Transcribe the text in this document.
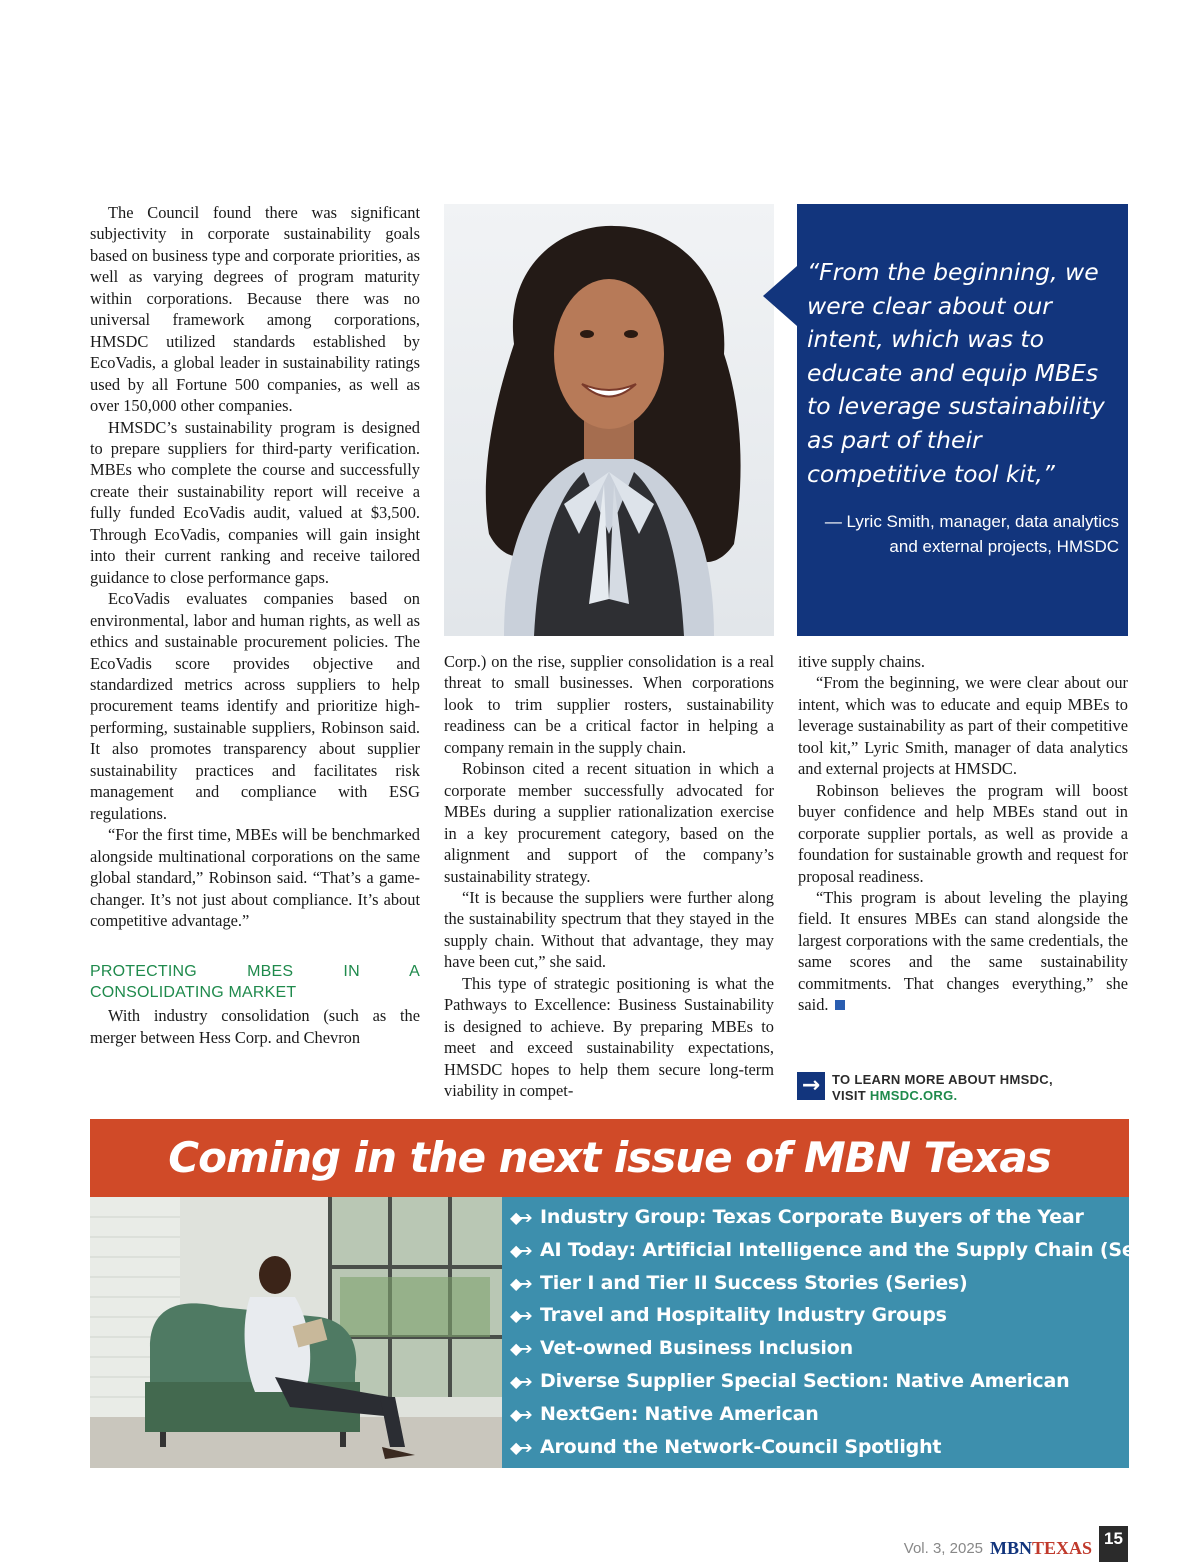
The Council found there was significant subjectivity in corporate sustainability goals based on business type and corporate priorities, as well as varying degrees of program maturity within corporations. Because there was no universal framework among corporations, HMSDC utilized standards established by EcoVadis, a global leader in sustainability ratings used by all Fortune 500 companies, as well as over 150,000 other companies.

HMSDC’s sustainability program is designed to prepare suppliers for third-party verification. MBEs who complete the course and successfully create their sustainability report will receive a fully funded EcoVadis audit, valued at $3,500. Through EcoVadis, companies will gain insight into their current ranking and receive tailored guidance to close performance gaps.

EcoVadis evaluates companies based on environmental, labor and human rights, as well as ethics and sustainable procurement policies. The EcoVadis score provides objective and standardized metrics across suppliers to help procurement teams identify and prioritize high-performing, sustainable suppliers, Robinson said. It also promotes transparency about supplier sustainability practices and facilitates risk management and compliance with ESG regulations.

“For the first time, MBEs will be benchmarked alongside multinational corporations on the same global standard,” Robinson said. “That’s a game-changer. It’s not just about compliance. It’s about competitive advantage.”

PROTECTING MBES IN A CONSOLIDATING MARKET

With industry consolidation (such as the merger between Hess Corp. and Chevron

“From the beginning, we were clear about our intent, which was to educate and equip MBEs to leverage sustainability as part of their competitive tool kit,”

— Lyric Smith, manager, data analytics and external projects, HMSDC

Corp.) on the rise, supplier consolidation is a real threat to small businesses. When corporations look to trim supplier rosters, sustainability readiness can be a critical factor in helping a company remain in the supply chain.

Robinson cited a recent situation in which a corporate member successfully advocated for MBEs during a supplier rationalization exercise in a key procurement category, based on the alignment and support of the company’s sustainability strategy.

“It is because the suppliers were further along the sustainability spectrum that they stayed in the supply chain. Without that advantage, they may have been cut,” she said.

This type of strategic positioning is what the Pathways to Excellence: Business Sustainability is designed to achieve. By preparing MBEs to meet and exceed sustainability expectations, HMSDC hopes to help them secure long-term viability in compet-

itive supply chains.

“From the beginning, we were clear about our intent, which was to educate and equip MBEs to leverage sustainability as part of their competitive tool kit,” Lyric Smith, manager of data analytics and external projects at HMSDC.

Robinson believes the program will boost buyer confidence and help MBEs stand out in corporate supplier portals, as well as provide a foundation for sustainable growth and request for proposal readiness.

“This program is about leveling the playing field. It ensures MBEs can stand alongside the largest corporations with the same credentials, the same scores and the same sustainability commitments. That changes everything,” she said.

→ TO LEARN MORE ABOUT HMSDC,
VISIT HMSDC.ORG.
Coming in the next issue of MBN Texas
◆➔ Industry Group: Texas Corporate Buyers of the Year
◆➔ AI Today: Artificial Intelligence and the Supply Chain (Series)
◆➔ Tier I and Tier II Success Stories (Series)
◆➔ Travel and Hospitality Industry Groups
◆➔ Vet-owned Business Inclusion
◆➔ Diverse Supplier Special Section: Native American
◆➔ NextGen: Native American
◆➔ Around the Network-Council Spotlight
Vol. 3, 2025 MBNTEXAS 15
